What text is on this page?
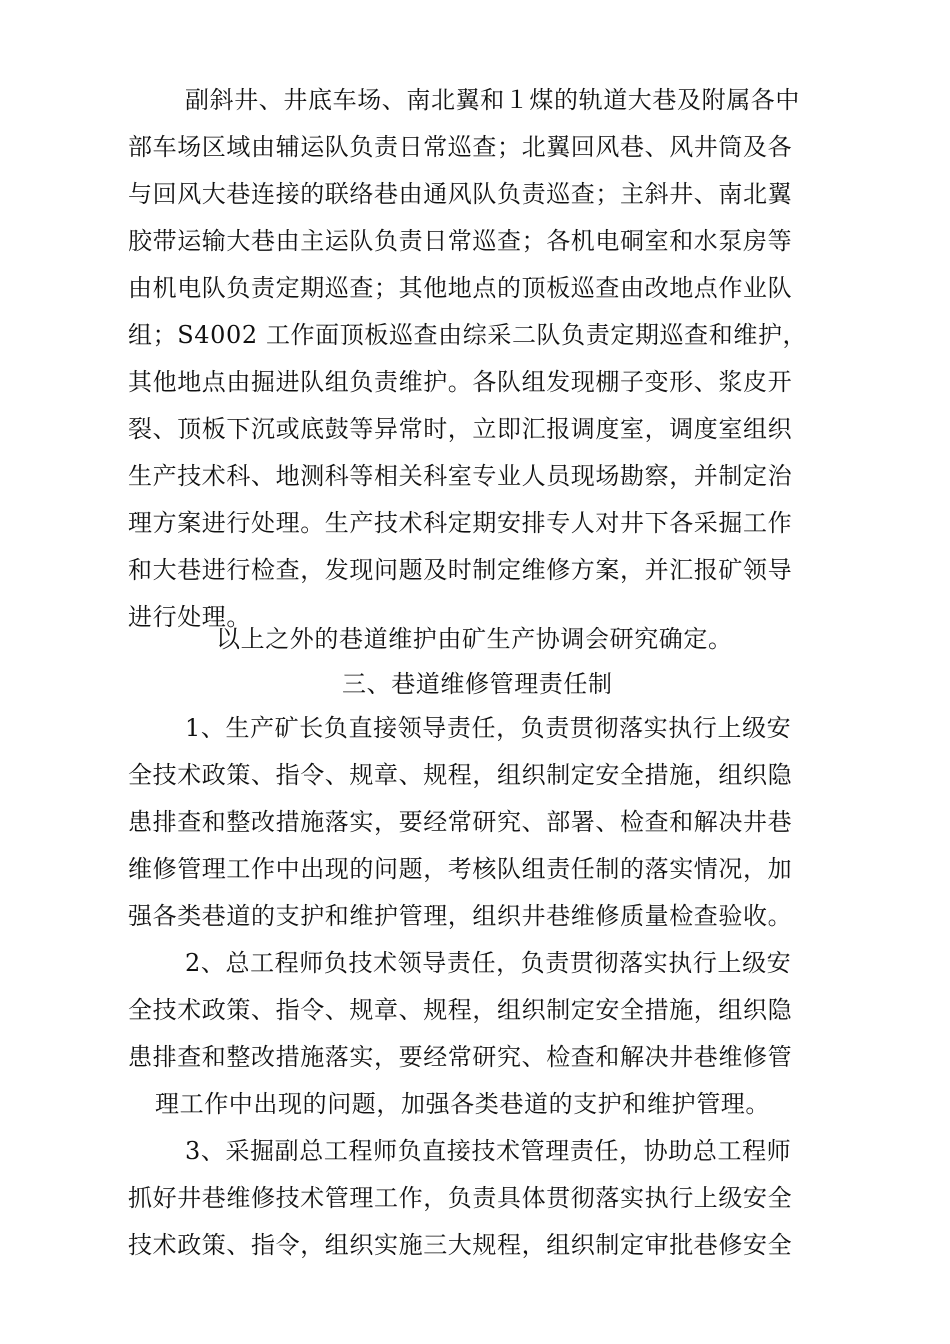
副斜井、井底车场、南北翼和１煤的轨道大巷及附属各中
部车场区域由辅运队负责日常巡查；北翼回风巷、风井筒及各
与回风大巷连接的联络巷由通风队负责巡查；主斜井、南北翼
胶带运输大巷由主运队负责日常巡查；各机电硐室和水泵房等
由机电队负责定期巡查；其他地点的顶板巡查由改地点作业队
组；S4002 工作面顶板巡查由综采二队负责定期巡查和维护，
其他地点由掘进队组负责维护。各队组发现棚子变形、浆皮开
裂、顶板下沉或底鼓等异常时，立即汇报调度室，调度室组织
生产技术科、地测科等相关科室专业人员现场勘察，并制定治
理方案进行处理。生产技术科定期安排专人对井下各采掘工作
和大巷进行检查，发现问题及时制定维修方案，并汇报矿领导
进行处理。
以上之外的巷道维护由矿生产协调会研究确定。
三、巷道维修管理责任制
1、生产矿长负直接领导责任，负责贯彻落实执行上级安
全技术政策、指令、规章、规程，组织制定安全措施，组织隐
患排查和整改措施落实，要经常研究、部署、检查和解决井巷
维修管理工作中出现的问题，考核队组责任制的落实情况，加
强各类巷道的支护和维护管理，组织井巷维修质量检查验收。
2、总工程师负技术领导责任，负责贯彻落实执行上级安
全技术政策、指令、规章、规程，组织制定安全措施，组织隐
患排查和整改措施落实，要经常研究、检查和解决井巷维修管
理工作中出现的问题，加强各类巷道的支护和维护管理。
3、采掘副总工程师负直接技术管理责任，协助总工程师
抓好井巷维修技术管理工作，负责具体贯彻落实执行上级安全
技术政策、指令，组织实施三大规程，组织制定审批巷修安全
